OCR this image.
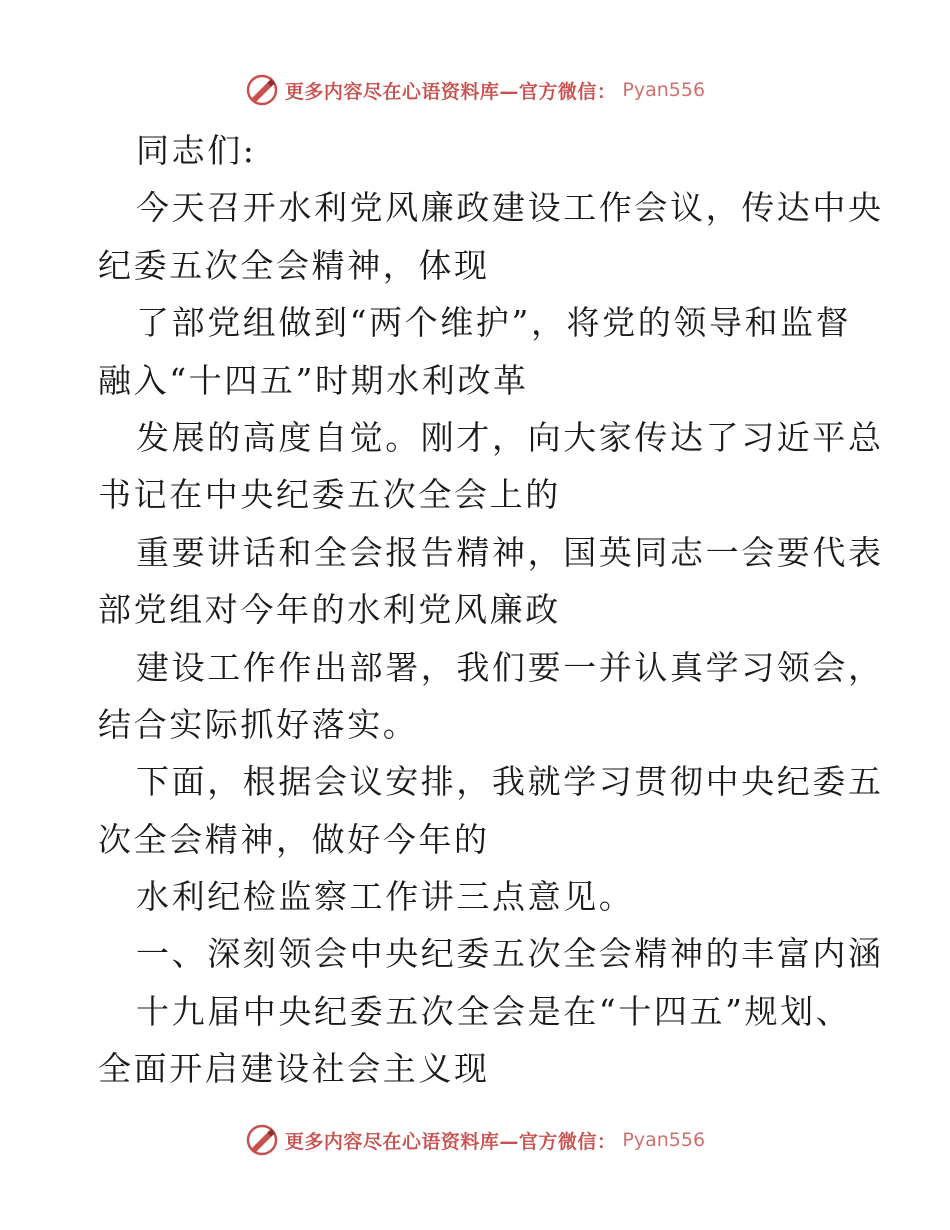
更多内容尽在心语资料库—官方微信： Pyan556
同志们:
今天召开水利党风廉政建设工作会议，传达中央
纪委五次全会精神，体现
了部党组做到“两个维护”，将党的领导和监督
融入“十四五”时期水利改革
发展的高度自觉。刚才，向大家传达了习近平总
书记在中央纪委五次全会上的
重要讲话和全会报告精神，国英同志一会要代表
部党组对今年的水利党风廉政
建设工作作出部署，我们要一并认真学习领会，
结合实际抓好落实。
下面，根据会议安排，我就学习贯彻中央纪委五
次全会精神，做好今年的
水利纪检监察工作讲三点意见。
一、深刻领会中央纪委五次全会精神的丰富内涵
十九届中央纪委五次全会是在“十四五”规划、
全面开启建设社会主义现
更多内容尽在心语资料库—官方微信： Pyan556
